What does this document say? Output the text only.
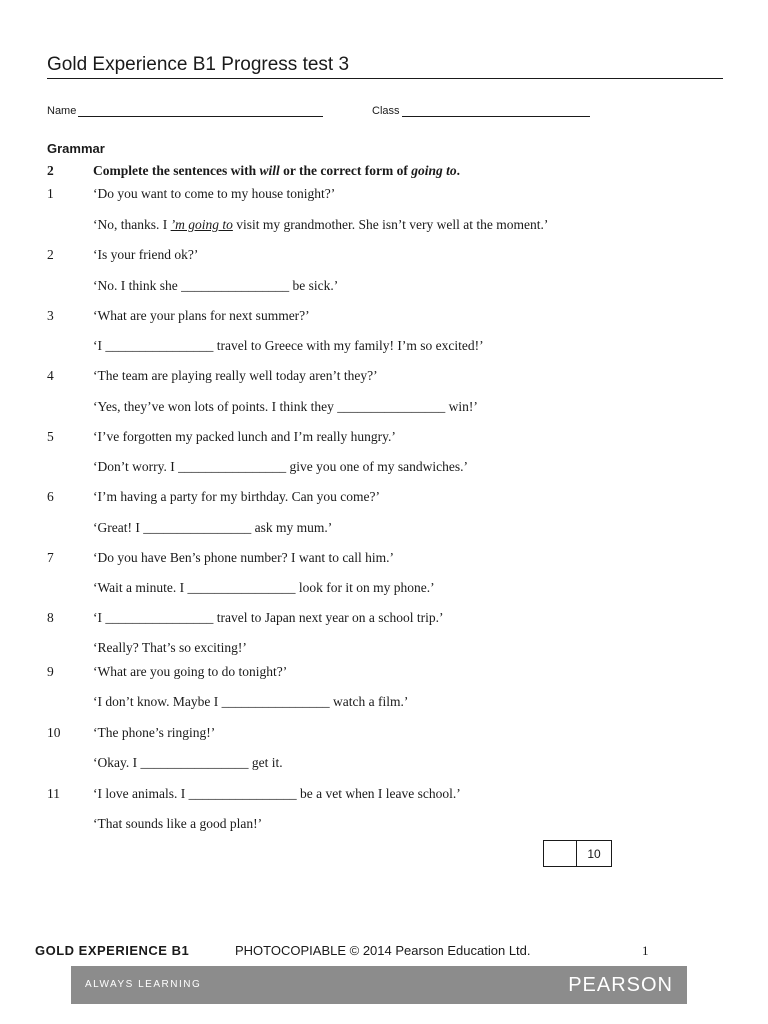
Gold Experience B1 Progress test 3
Name	Class
Grammar
2	Complete the sentences with will or the correct form of going to.
1	‘Do you want to come to my house tonight?’
‘No, thanks. I ’m going to visit my grandmother. She isn’t very well at the moment.’
2	‘Is your friend ok?’
‘No. I think she ________________ be sick.’
3	‘What are your plans for next summer?’
‘I ________________ travel to Greece with my family! I’m so excited!’
4	‘The team are playing really well today aren’t they?’
‘Yes, they’ve won lots of points. I think they ________________ win!’
5	‘I’ve forgotten my packed lunch and I’m really hungry.’
‘Don’t worry. I ________________ give you one of my sandwiches.’
6	‘I’m having a party for my birthday. Can you come?’
‘Great! I ________________ ask my mum.’
7	‘Do you have Ben’s phone number? I want to call him.’
‘Wait a minute. I ________________ look for it on my phone.’
8	‘I ________________ travel to Japan next year on a school trip.’
‘Really? That’s so exciting!’
9	‘What are you going to do tonight?’
‘I don’t know. Maybe I ________________ watch a film.’
10 ‘The phone’s ringing!’
‘Okay. I ________________ get it.
11 ‘I love animals. I ________________ be a vet when I leave school.’
‘That sounds like a good plan!’
10
GOLD EXPERIENCE B1	PHOTOCOPIABLE © 2014 Pearson Education Ltd.	1
ALWAYS LEARNING	PEARSON
